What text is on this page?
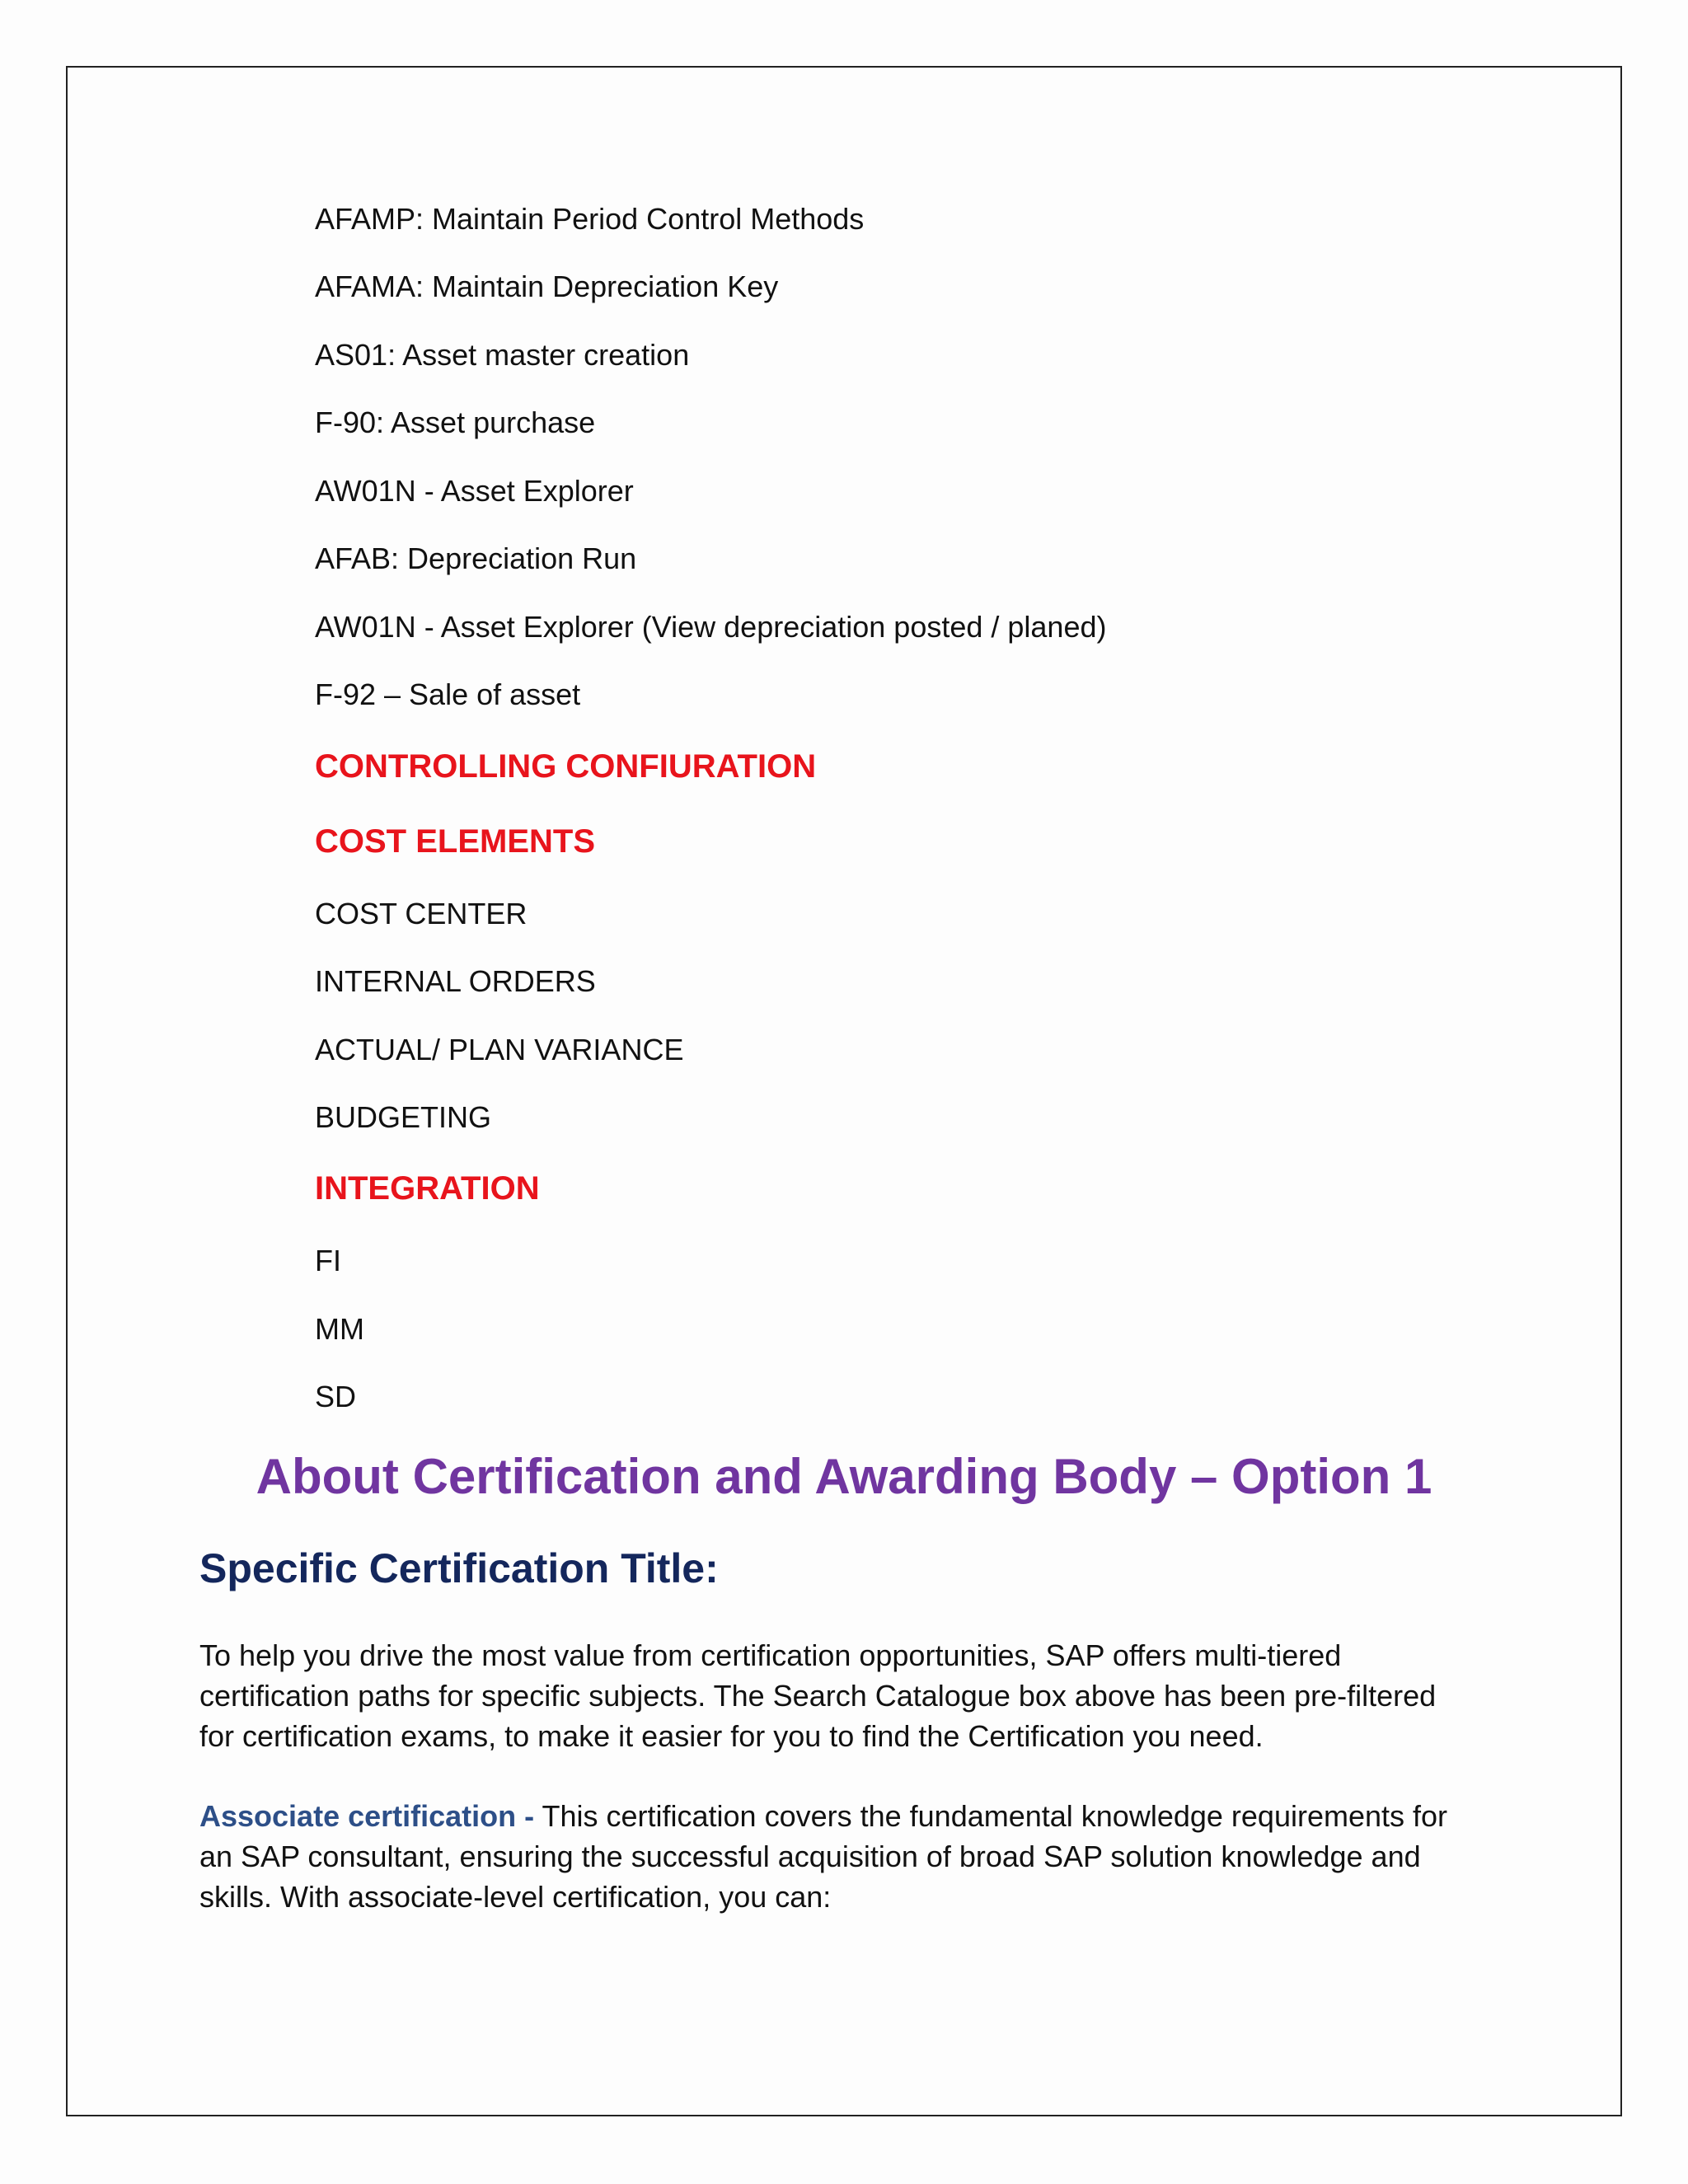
AFAMP: Maintain Period Control Methods
AFAMA: Maintain Depreciation Key
AS01: Asset master creation
F-90: Asset purchase
AW01N - Asset Explorer
AFAB: Depreciation Run
AW01N - Asset Explorer (View depreciation posted / planed)
F-92 – Sale of asset
CONTROLLING CONFIURATION
COST ELEMENTS
COST CENTER
INTERNAL ORDERS
ACTUAL/ PLAN VARIANCE
BUDGETING
INTEGRATION
FI
MM
SD
About Certification and Awarding Body – Option 1
Specific Certification Title:
To help you drive the most value from certification opportunities, SAP offers multi-tiered
certification paths for specific subjects. The Search Catalogue box above has been pre-filtered
for certification exams, to make it easier for you to find the Certification you need.
Associate certification - This certification covers the fundamental knowledge requirements for
an SAP consultant, ensuring the successful acquisition of broad SAP solution knowledge and
skills. With associate-level certification, you can:
